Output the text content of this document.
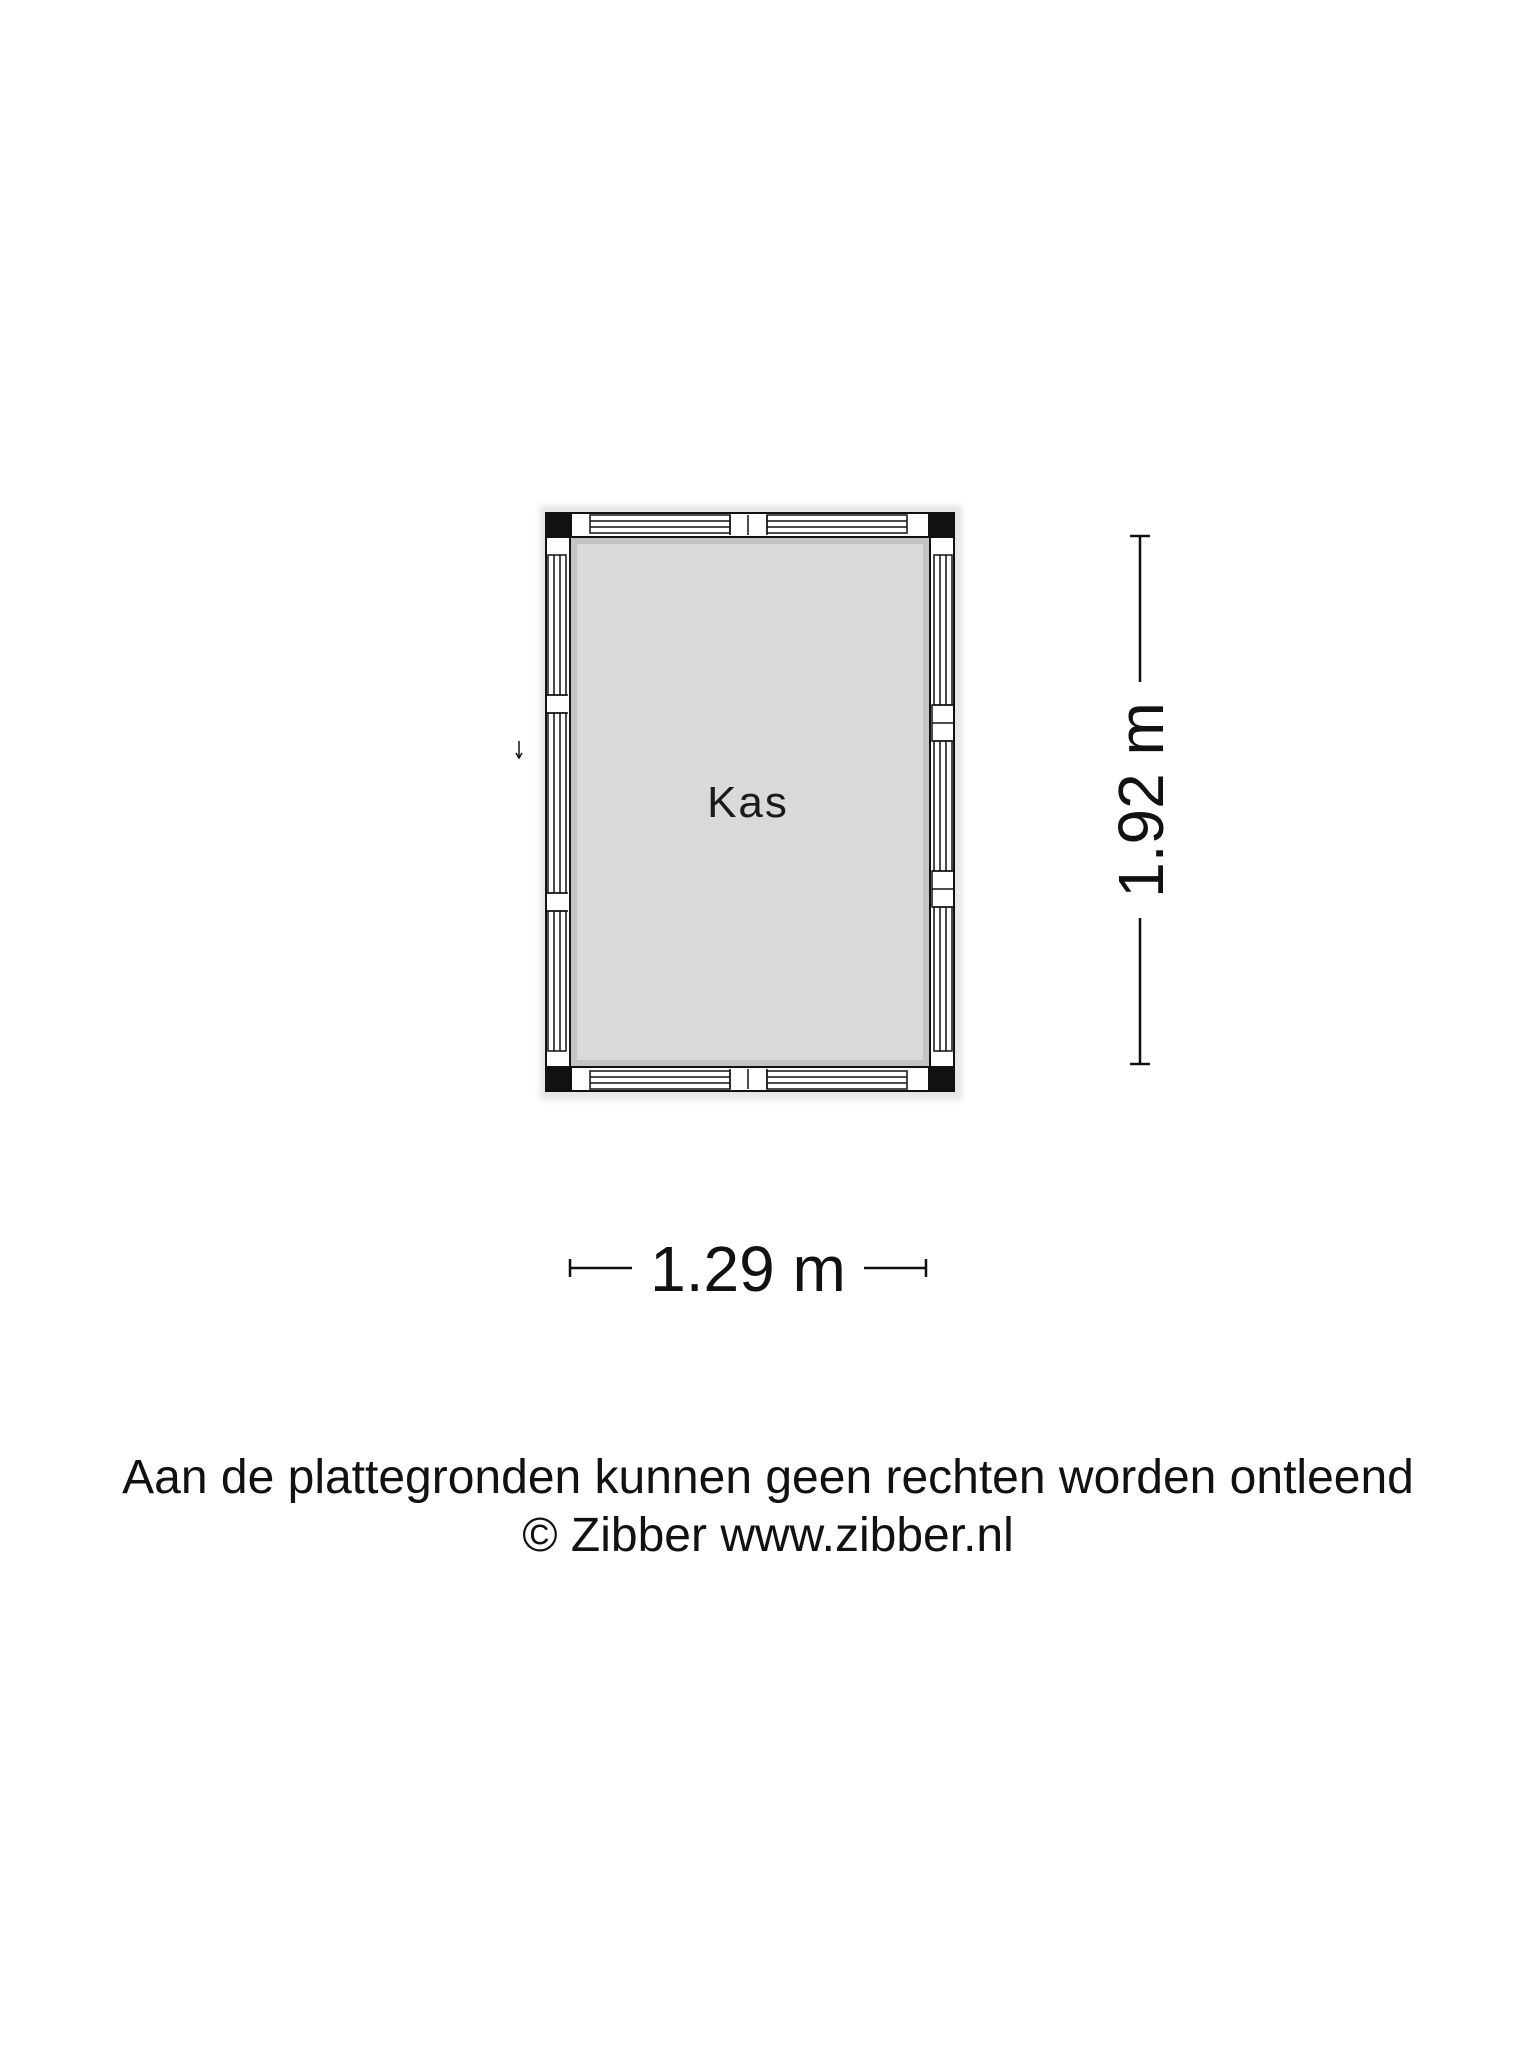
Kas	1.92 m
1.29 m
Aan de plattegronden kunnen geen rechten worden ontleend
© Zibber www.zibber.nl
